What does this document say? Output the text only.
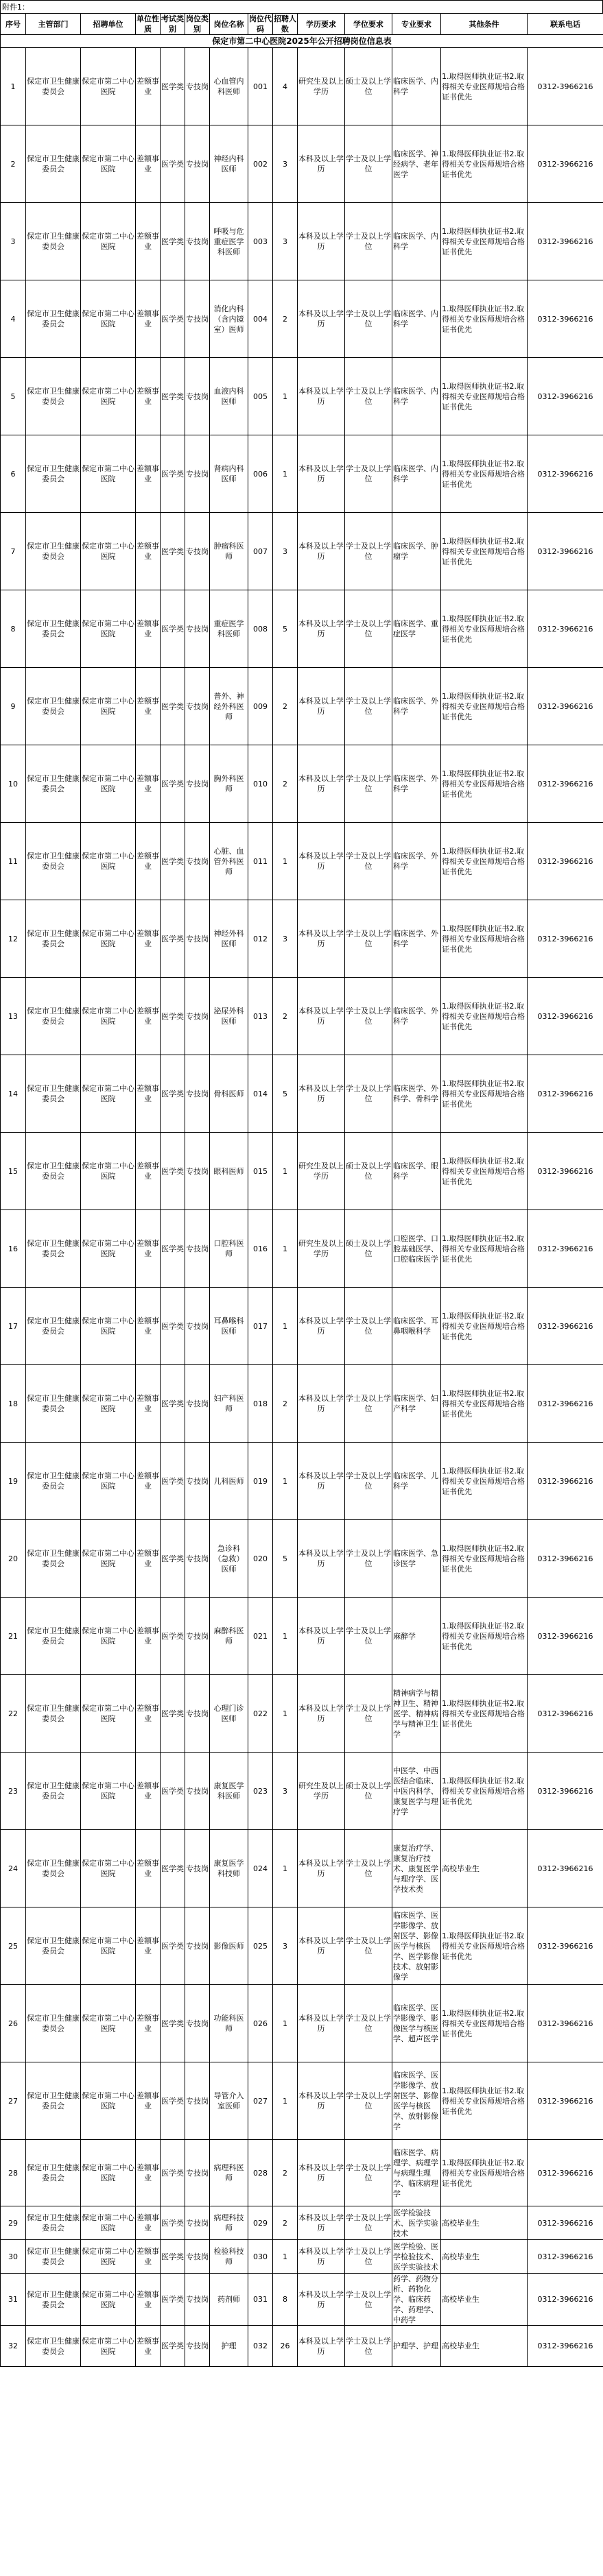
附件1：
保定市第二中心医院2025年公开招聘岗位信息表													
序号	主管部门	招聘单位	单位性质	考试类别	岗位类别	岗位名称	岗位代码	招聘人数	学历要求	学位要求	专业要求	其他条件	联系电话
1	保定市卫生健康委员会	保定市第二中心医院	差额事业	医学类	专技岗	心血管内科医师	001	4	研究生及以上学历	硕士及以上学位	临床医学、内科学	1.取得医师执业证书2.取得相关专业医师规培合格证书优先	0312-3966216
2	保定市卫生健康委员会	保定市第二中心医院	差额事业	医学类	专技岗	神经内科医师	002	3	本科及以上学历	学士及以上学位	临床医学、神经病学、老年医学	1.取得医师执业证书2.取得相关专业医师规培合格证书优先	0312-3966216
3	保定市卫生健康委员会	保定市第二中心医院	差额事业	医学类	专技岗	呼吸与危重症医学科医师	003	3	本科及以上学历	学士及以上学位	临床医学、内科学	1.取得医师执业证书2.取得相关专业医师规培合格证书优先	0312-3966216
4	保定市卫生健康委员会	保定市第二中心医院	差额事业	医学类	专技岗	消化内科（含内镜室）医师	004	2	本科及以上学历	学士及以上学位	临床医学、内科学	1.取得医师执业证书2.取得相关专业医师规培合格证书优先	0312-3966216
5	保定市卫生健康委员会	保定市第二中心医院	差额事业	医学类	专技岗	血液内科医师	005	1	本科及以上学历	学士及以上学位	临床医学、内科学	1.取得医师执业证书2.取得相关专业医师规培合格证书优先	0312-3966216
6	保定市卫生健康委员会	保定市第二中心医院	差额事业	医学类	专技岗	肾病内科医师	006	1	本科及以上学历	学士及以上学位	临床医学、内科学	1.取得医师执业证书2.取得相关专业医师规培合格证书优先	0312-3966216
7	保定市卫生健康委员会	保定市第二中心医院	差额事业	医学类	专技岗	肿瘤科医师	007	3	本科及以上学历	学士及以上学位	临床医学、肿瘤学	1.取得医师执业证书2.取得相关专业医师规培合格证书优先	0312-3966216
8	保定市卫生健康委员会	保定市第二中心医院	差额事业	医学类	专技岗	重症医学科医师	008	5	本科及以上学历	学士及以上学位	临床医学、重症医学	1.取得医师执业证书2.取得相关专业医师规培合格证书优先	0312-3966216
9	保定市卫生健康委员会	保定市第二中心医院	差额事业	医学类	专技岗	普外、神经外科医师	009	2	本科及以上学历	学士及以上学位	临床医学、外科学	1.取得医师执业证书2.取得相关专业医师规培合格证书优先	0312-3966216
10	保定市卫生健康委员会	保定市第二中心医院	差额事业	医学类	专技岗	胸外科医师	010	2	本科及以上学历	学士及以上学位	临床医学、外科学	1.取得医师执业证书2.取得相关专业医师规培合格证书优先	0312-3966216
11	保定市卫生健康委员会	保定市第二中心医院	差额事业	医学类	专技岗	心脏、血管外科医师	011	1	本科及以上学历	学士及以上学位	临床医学、外科学	1.取得医师执业证书2.取得相关专业医师规培合格证书优先	0312-3966216
12	保定市卫生健康委员会	保定市第二中心医院	差额事业	医学类	专技岗	神经外科医师	012	3	本科及以上学历	学士及以上学位	临床医学、外科学	1.取得医师执业证书2.取得相关专业医师规培合格证书优先	0312-3966216
13	保定市卫生健康委员会	保定市第二中心医院	差额事业	医学类	专技岗	泌尿外科医师	013	2	本科及以上学历	学士及以上学位	临床医学、外科学	1.取得医师执业证书2.取得相关专业医师规培合格证书优先	0312-3966216
14	保定市卫生健康委员会	保定市第二中心医院	差额事业	医学类	专技岗	骨科医师	014	5	本科及以上学历	学士及以上学位	临床医学、外科学、骨科学	1.取得医师执业证书2.取得相关专业医师规培合格证书优先	0312-3966216
15	保定市卫生健康委员会	保定市第二中心医院	差额事业	医学类	专技岗	眼科医师	015	1	研究生及以上学历	硕士及以上学位	临床医学、眼科学	1.取得医师执业证书2.取得相关专业医师规培合格证书优先	0312-3966216
16	保定市卫生健康委员会	保定市第二中心医院	差额事业	医学类	专技岗	口腔科医师	016	1	研究生及以上学历	硕士及以上学位	口腔医学、口腔基础医学、口腔临床医学	1.取得医师执业证书2.取得相关专业医师规培合格证书优先	0312-3966216
17	保定市卫生健康委员会	保定市第二中心医院	差额事业	医学类	专技岗	耳鼻喉科医师	017	1	本科及以上学历	学士及以上学位	临床医学、耳鼻咽喉科学	1.取得医师执业证书2.取得相关专业医师规培合格证书优先	0312-3966216
18	保定市卫生健康委员会	保定市第二中心医院	差额事业	医学类	专技岗	妇产科医师	018	2	本科及以上学历	学士及以上学位	临床医学、妇产科学	1.取得医师执业证书2.取得相关专业医师规培合格证书优先	0312-3966216
19	保定市卫生健康委员会	保定市第二中心医院	差额事业	医学类	专技岗	儿科医师	019	1	本科及以上学历	学士及以上学位	临床医学、儿科学	1.取得医师执业证书2.取得相关专业医师规培合格证书优先	0312-3966216
20	保定市卫生健康委员会	保定市第二中心医院	差额事业	医学类	专技岗	急诊科（急救）医师	020	5	本科及以上学历	学士及以上学位	临床医学、急诊医学	1.取得医师执业证书2.取得相关专业医师规培合格证书优先	0312-3966216
21	保定市卫生健康委员会	保定市第二中心医院	差额事业	医学类	专技岗	麻醉科医师	021	1	本科及以上学历	学士及以上学位	麻醉学	1.取得医师执业证书2.取得相关专业医师规培合格证书优先	0312-3966216
22	保定市卫生健康委员会	保定市第二中心医院	差额事业	医学类	专技岗	心理门诊医师	022	1	本科及以上学历	学士及以上学位	精神病学与精神卫生、精神医学、精神病学与精神卫生学	1.取得医师执业证书2.取得相关专业医师规培合格证书优先	0312-3966216
23	保定市卫生健康委员会	保定市第二中心医院	差额事业	医学类	专技岗	康复医学科医师	023	3	研究生及以上学历	硕士及以上学位	中医学、中西医结合临床、中医内科学、康复医学与理疗学	1.取得医师执业证书2.取得相关专业医师规培合格证书优先	0312-3966216
24	保定市卫生健康委员会	保定市第二中心医院	差额事业	医学类	专技岗	康复医学科技师	024	1	本科及以上学历	学士及以上学位	康复治疗学、康复治疗技术、康复医学与理疗学、医学技术类	高校毕业生	0312-3966216
25	保定市卫生健康委员会	保定市第二中心医院	差额事业	医学类	专技岗	影像医师	025	3	本科及以上学历	学士及以上学位	临床医学、医学影像学、放射医学、影像医学与核医学、医学影像技术、放射影像学	1.取得医师执业证书2.取得相关专业医师规培合格证书优先	0312-3966216
26	保定市卫生健康委员会	保定市第二中心医院	差额事业	医学类	专技岗	功能科医师	026	1	本科及以上学历	学士及以上学位	临床医学、医学影像学、影像医学与核医学、超声医学	1.取得医师执业证书2.取得相关专业医师规培合格证书优先	0312-3966216
27	保定市卫生健康委员会	保定市第二中心医院	差额事业	医学类	专技岗	导管介入室医师	027	1	本科及以上学历	学士及以上学位	临床医学、医学影像学、放射医学、影像医学与核医学、放射影像学	1.取得医师执业证书2.取得相关专业医师规培合格证书优先	0312-3966216
28	保定市卫生健康委员会	保定市第二中心医院	差额事业	医学类	专技岗	病理科医师	028	2	本科及以上学历	学士及以上学位	临床医学、病理学、病理学与病理生理学、临床病理学	1.取得医师执业证书2.取得相关专业医师规培合格证书优先	0312-3966216
29	保定市卫生健康委员会	保定市第二中心医院	差额事业	医学类	专技岗	病理科技师	029	2	本科及以上学历	学士及以上学位	医学检验技术、医学实验技术	高校毕业生	0312-3966216
30	保定市卫生健康委员会	保定市第二中心医院	差额事业	医学类	专技岗	检验科技师	030	1	本科及以上学历	学士及以上学位	医学检验、医学检验技术、医学实验技术	高校毕业生	0312-3966216
31	保定市卫生健康委员会	保定市第二中心医院	差额事业	医学类	专技岗	药剂师	031	8	本科及以上学历	学士及以上学位	药学、药物分析、药物化学、临床药学、药理学、中药学	高校毕业生	0312-3966216
32	保定市卫生健康委员会	保定市第二中心医院	差额事业	医学类	专技岗	护理	032	26	本科及以上学历	学士及以上学位	护理学、护理	高校毕业生	0312-3966216
